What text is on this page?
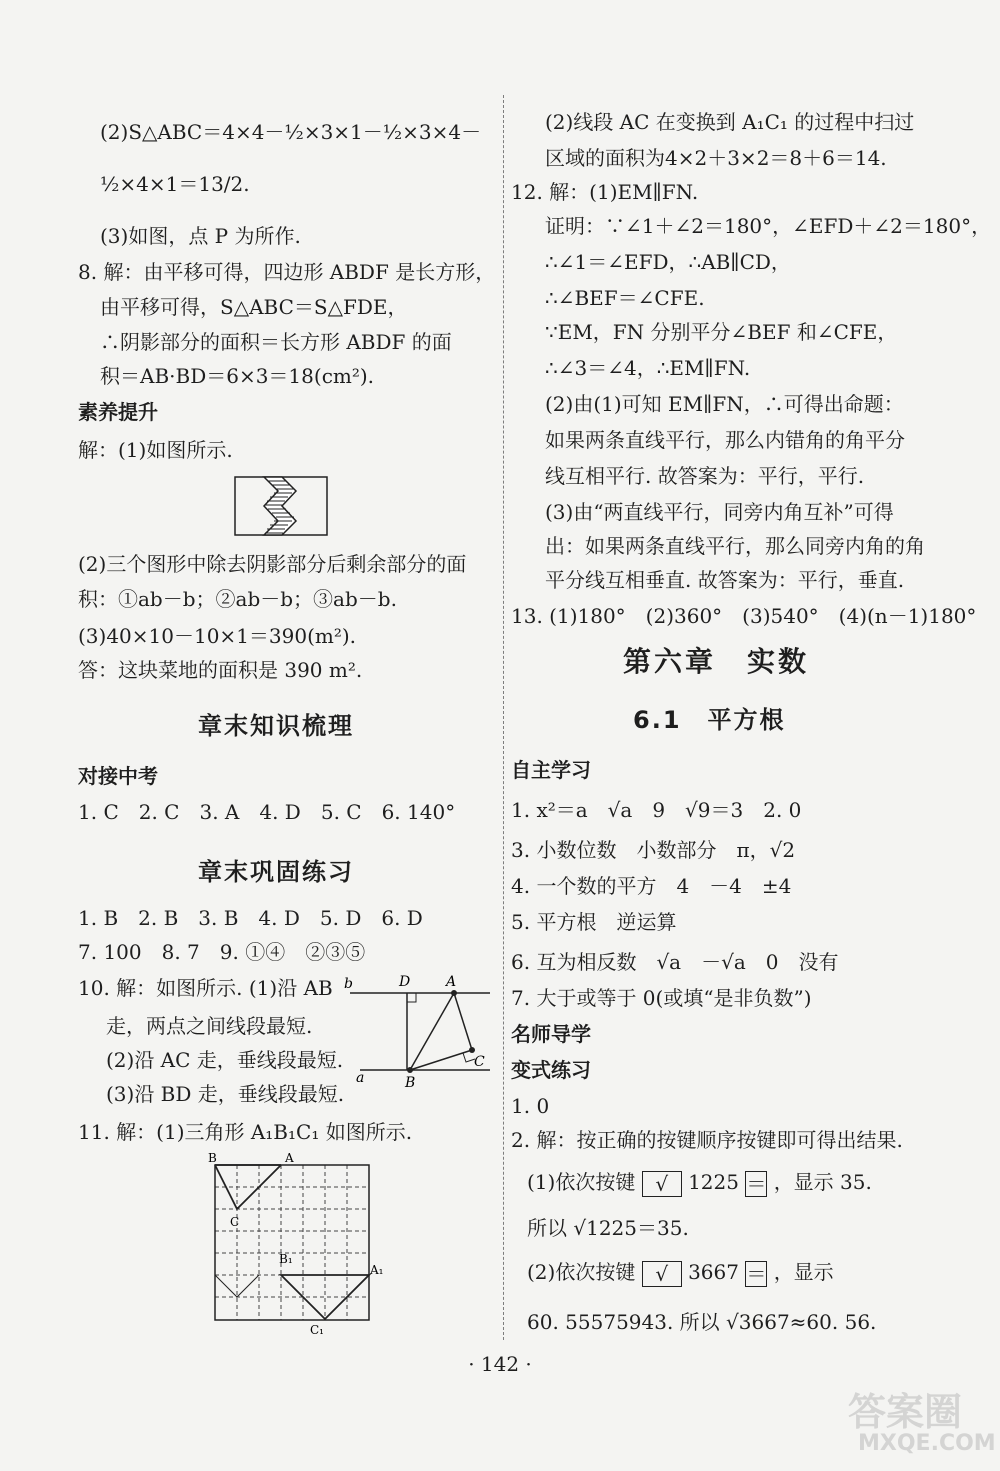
(2)S△ABC＝4×4－½×3×1－½×3×4－
½×4×1＝13/2.
(3)如图，点 P 为所作.
8. 解：由平移可得，四边形 ABDF 是长方形，
由平移可得，S△ABC＝S△FDE，
∴阴影部分的面积＝长方形 ABDF 的面
积＝AB·BD＝6×3＝18(cm²).
素养提升
解：(1)如图所示.
(2)三个图形中除去阴影部分后剩余部分的面
积：①ab－b；②ab－b；③ab－b.
(3)40×10－10×1＝390(m²).
答：这块菜地的面积是 390 m².
章末知识梳理
对接中考
1. C　2. C　3. A　4. D　5. C　6. 140°
章末巩固练习
1. B　2. B　3. B　4. D　5. D　6. D
7. 100　8. 7　9. ①④　②③⑤
10. 解：如图所示. (1)沿 AB
走，两点之间线段最短.
(2)沿 AC 走，垂线段最短.
(3)沿 BD 走，垂线段最短.
D	A
b
a	B
C
11. 解：(1)三角形 A₁B₁C₁ 如图所示.
B	A
C
B₁
A₁
C₁
(2)线段 AC 在变换到 A₁C₁ 的过程中扫过
区域的面积为4×2＋3×2＝8＋6＝14.
12. 解：(1)EM∥FN.
证明：∵∠1＋∠2＝180°，∠EFD＋∠2＝180°，
∴∠1＝∠EFD，∴AB∥CD，
∴∠BEF＝∠CFE.
∵EM，FN 分别平分∠BEF 和∠CFE，
∴∠3＝∠4，∴EM∥FN.
(2)由(1)可知 EM∥FN，∴可得出命题：
如果两条直线平行，那么内错角的角平分
线互相平行. 故答案为：平行，平行.
(3)由“两直线平行，同旁内角互补”可得
出：如果两条直线平行，那么同旁内角的角
平分线互相垂直. 故答案为：平行，垂直.
13. (1)180°　(2)360°　(3)540°　(4)(n－1)180°
第六章　实数
6.1　平方根
自主学习
1. x²＝a　√a　9　√9＝3　2. 0
3. 小数位数　小数部分　π，√2
4. 一个数的平方　4　－4　±4
5. 平方根　逆运算
6. 互为相反数　√a　－√a　0　没有
7. 大于或等于 0(或填“是非负数”)
名师导学
变式练习
1. 0
2. 解：按正确的按键顺序按键即可得出结果.
(1)依次按键 √ 1225 ＝ ，显示 35.
所以 √1225＝35.
(2)依次按键 √ 3667 ＝ ，显示
60. 55575943. 所以 √3667≈60. 56.
· 142 ·
答案圈
MXQE.COM
